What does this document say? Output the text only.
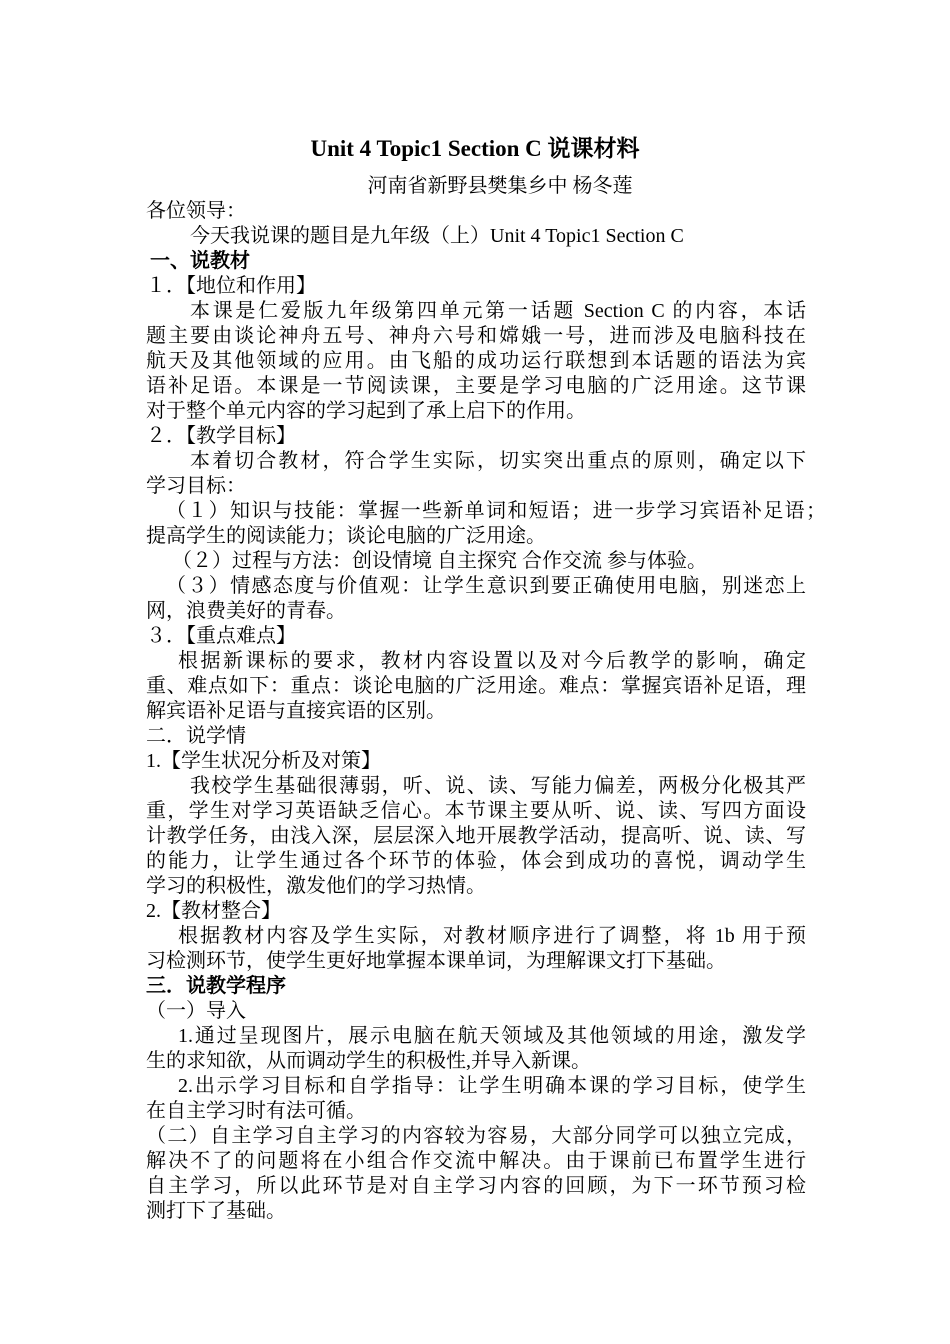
Unit 4 Topic1 Section C 说课材料
河南省新野县樊集乡中 杨冬莲
各位领导：
今天我说课的题目是九年级（上）Unit 4 Topic1 Section C
一、说教材
１．【地位和作用】
本课是仁爱版九年级第四单元第一话题 Section C 的内容，本话
题主要由谈论神舟五号、神舟六号和嫦娥一号，进而涉及电脑科技在
航天及其他领域的应用。由飞船的成功运行联想到本话题的语法为宾
语补足语。本课是一节阅读课，主要是学习电脑的广泛用途。这节课
对于整个单元内容的学习起到了承上启下的作用。
２．【教学目标】
本着切合教材，符合学生实际，切实突出重点的原则，确定以下
学习目标：
（１）知识与技能：掌握一些新单词和短语；进一步学习宾语补足语；
提高学生的阅读能力；谈论电脑的广泛用途。
（２）过程与方法：创设情境 自主探究 合作交流 参与体验。
（３）情感态度与价值观：让学生意识到要正确使用电脑，别迷恋上
网，浪费美好的青春。
３．【重点难点】
根据新课标的要求，教材内容设置以及对今后教学的影响，确定
重、难点如下：重点：谈论电脑的广泛用途。难点：掌握宾语补足语，理
解宾语补足语与直接宾语的区别。
二．说学情
1.【学生状况分析及对策】
我校学生基础很薄弱，听、说、读、写能力偏差，两极分化极其严
重，学生对学习英语缺乏信心。本节课主要从听、说、读、写四方面设
计教学任务，由浅入深，层层深入地开展教学活动，提高听、说、读、写
的能力，让学生通过各个环节的体验，体会到成功的喜悦，调动学生
学习的积极性，激发他们的学习热情。
2.【教材整合】
根据教材内容及学生实际，对教材顺序进行了调整，将 1b 用于预
习检测环节，使学生更好地掌握本课单词，为理解课文打下基础。
三．说教学程序
（一）导入
1.通过呈现图片，展示电脑在航天领域及其他领域的用途，激发学
生的求知欲，从而调动学生的积极性,并导入新课。
2.出示学习目标和自学指导：让学生明确本课的学习目标，使学生
在自主学习时有法可循。
（二）自主学习自主学习的内容较为容易，大部分同学可以独立完成，
解决不了的问题将在小组合作交流中解决。由于课前已布置学生进行
自主学习，所以此环节是对自主学习内容的回顾，为下一环节预习检
测打下了基础。
